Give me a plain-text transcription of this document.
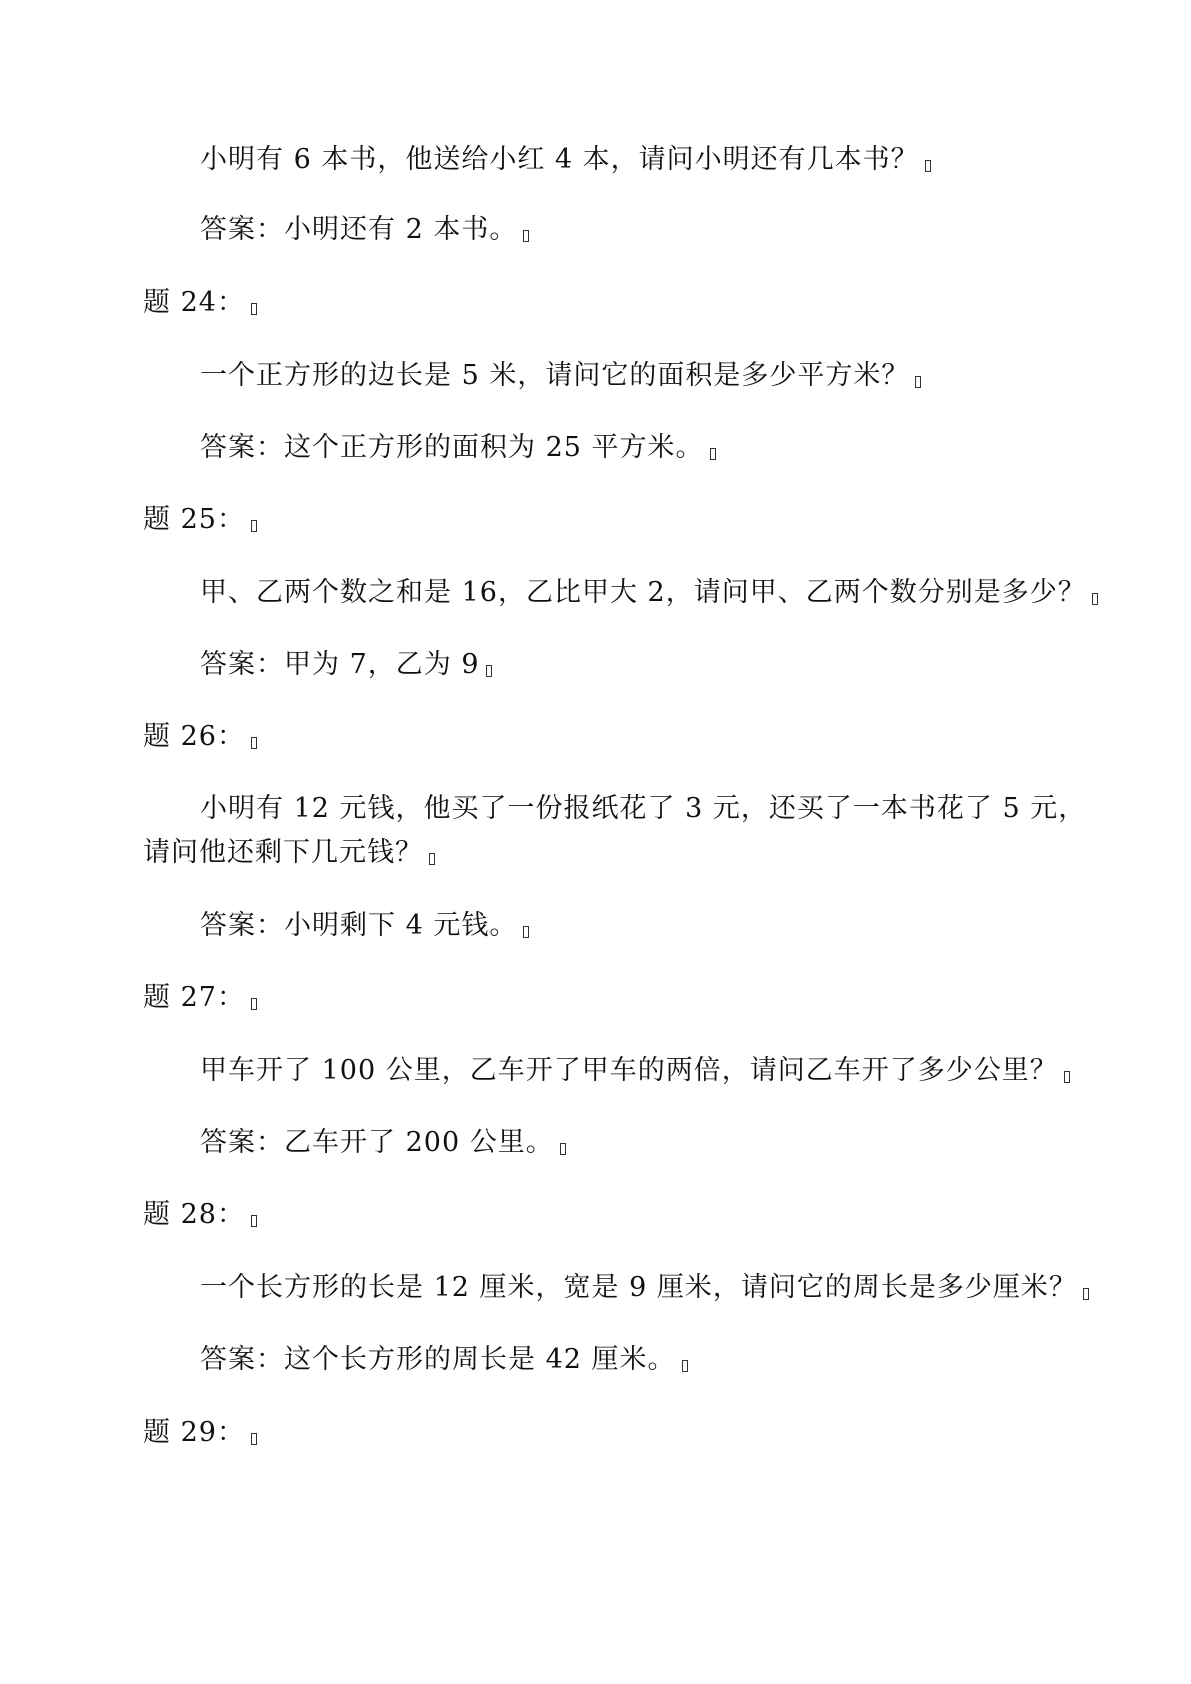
小明有 6 本书，他送给小红 4 本，请问小明还有几本书？
答案：小明还有 2 本书。
题 24：
一个正方形的边长是 5 米，请问它的面积是多少平方米？
答案：这个正方形的面积为 25 平方米。
题 25：
甲、乙两个数之和是 16，乙比甲大 2，请问甲、乙两个数分别是多少？
答案：甲为 7，乙为 9
题 26：
小明有 12 元钱，他买了一份报纸花了 3 元，还买了一本书花了 5 元，
请问他还剩下几元钱？
答案：小明剩下 4 元钱。
题 27：
甲车开了 100 公里，乙车开了甲车的两倍，请问乙车开了多少公里？
答案：乙车开了 200 公里。
题 28：
一个长方形的长是 12 厘米，宽是 9 厘米，请问它的周长是多少厘米？
答案：这个长方形的周长是 42 厘米。
题 29：
